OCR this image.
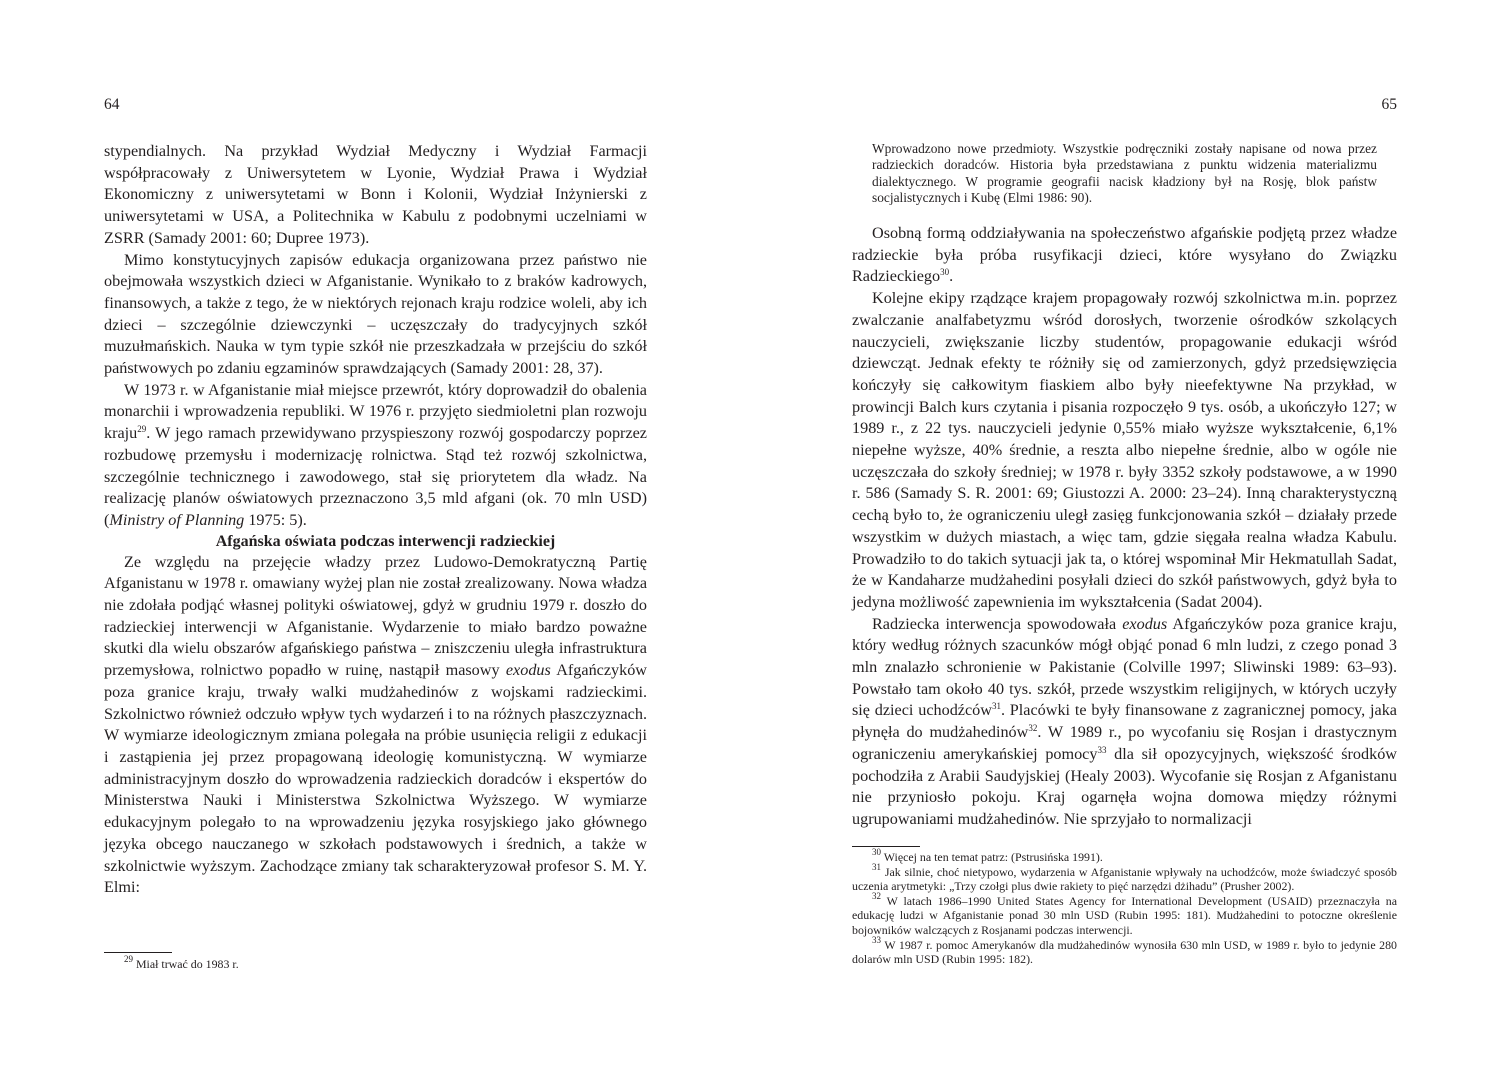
64

stypendialnych. Na przykład Wydział Medyczny i Wydział Farmacji współpracowały z Uniwersytetem w Lyonie, Wydział Prawa i Wydział Ekonomiczny z uniwersytetami w Bonn i Kolonii, Wydział Inżynierski z uniwersytetami w USA, a Politechnika w Kabulu z podobnymi uczelniami w ZSRR (Samady 2001: 60; Dupree 1973).

Mimo konstytucyjnych zapisów edukacja organizowana przez państwo nie obejmowała wszystkich dzieci w Afganistanie. Wynikało to z braków kadrowych, finansowych, a także z tego, że w niektórych rejonach kraju rodzice woleli, aby ich dzieci – szczególnie dziewczynki – uczęszczały do tradycyjnych szkół muzułmańskich. Nauka w tym typie szkół nie przeszkadzała w przejściu do szkół państwowych po zdaniu egzaminów sprawdzających (Samady 2001: 28, 37).

W 1973 r. w Afganistanie miał miejsce przewrót, który doprowadził do obalenia monarchii i wprowadzenia republiki. W 1976 r. przyjęto siedmioletni plan rozwoju kraju$^{29}$. W jego ramach przewidywano przyspieszony rozwój gospodarczy poprzez rozbudowę przemysłu i modernizację rolnictwa. Stąd też rozwój szkolnictwa, szczególnie technicznego i zawodowego, stał się priorytetem dla władz. Na realizację planów oświatowych przeznaczono 3,5 mld afgani (ok. 70 mln USD) (Ministry of Planning 1975: 5).

Afgańska oświata podczas interwencji radzieckiej

Ze względu na przejęcie władzy przez Ludowo-Demokratyczną Partię Afganistanu w 1978 r. omawiany wyżej plan nie został zrealizowany. Nowa władza nie zdołała podjąć własnej polityki oświatowej, gdyż w grudniu 1979 r. doszło do radzieckiej interwencji w Afganistanie. Wydarzenie to miało bardzo poważne skutki dla wielu obszarów afgańskiego państwa – zniszczeniu uległa infrastruktura przemysłowa, rolnictwo popadło w ruinę, nastąpił masowy exodus Afgańczyków poza granice kraju, trwały walki mudżahedinów z wojskami radzieckimi. Szkolnictwo również odczuło wpływ tych wydarzeń i to na różnych płaszczyznach. W wymiarze ideologicznym zmiana polegała na próbie usunięcia religii z edukacji i zastąpienia jej przez propagowaną ideologię komunistyczną. W wymiarze administracyjnym doszło do wprowadzenia radzieckich doradców i ekspertów do Ministerstwa Nauki i Ministerstwa Szkolnictwa Wyższego. W wymiarze edukacyjnym polegało to na wprowadzeniu języka rosyjskiego jako głównego języka obcego nauczanego w szkołach podstawowych i średnich, a także w szkolnictwie wyższym. Zachodzące zmiany tak scharakteryzował profesor S. M. Y. Elmi:

$^{29}$ Miał trwać do 1983 r.

65

Wprowadzono nowe przedmioty. Wszystkie podręczniki zostały napisane od nowa przez radzieckich doradców. Historia była przedstawiana z punktu widzenia materializmu dialektycznego. W programie geografii nacisk kładziony był na Rosję, blok państw socjalistycznych i Kubę (Elmi 1986: 90).

Osobną formą oddziaływania na społeczeństwo afgańskie podjętą przez władze radzieckie była próba rusyfikacji dzieci, które wysyłano do Związku Radzieckiego$^{30}$.

Kolejne ekipy rządzące krajem propagowały rozwój szkolnictwa m.in. poprzez zwalczanie analfabetyzmu wśród dorosłych, tworzenie ośrodków szkolących nauczycieli, zwiększanie liczby studentów, propagowanie edukacji wśród dziewcząt. Jednak efekty te różniły się od zamierzonych, gdyż przedsięwzięcia kończyły się całkowitym fiaskiem albo były nieefektywne Na przykład, w prowincji Balch kurs czytania i pisania rozpoczęło 9 tys. osób, a ukończyło 127; w 1989 r., z 22 tys. nauczycieli jedynie 0,55% miało wyższe wykształcenie, 6,1% niepełne wyższe, 40% średnie, a reszta albo niepełne średnie, albo w ogóle nie uczęszczała do szkoły średniej; w 1978 r. były 3352 szkoły podstawowe, a w 1990 r. 586 (Samady S. R. 2001: 69; Giustozzi A. 2000: 23–24). Inną charakterystyczną cechą było to, że ograniczeniu uległ zasięg funkcjonowania szkół – działały przede wszystkim w dużych miastach, a więc tam, gdzie sięgała realna władza Kabulu. Prowadziło to do takich sytuacji jak ta, o której wspominał Mir Hekmatullah Sadat, że w Kandaharze mudżahedini posyłali dzieci do szkół państwowych, gdyż była to jedyna możliwość zapewnienia im wykształcenia (Sadat 2004).

Radziecka interwencja spowodowała exodus Afgańczyków poza granice kraju, który według różnych szacunków mógł objąć ponad 6 mln ludzi, z czego ponad 3 mln znalazło schronienie w Pakistanie (Colville 1997; Sliwinski 1989: 63–93). Powstało tam około 40 tys. szkół, przede wszystkim religijnych, w których uczyły się dzieci uchodźców$^{31}$. Placówki te były finansowane z zagranicznej pomocy, jaka płynęła do mudżahedinów$^{32}$. W 1989 r., po wycofaniu się Rosjan i drastycznym ograniczeniu amerykańskiej pomocy$^{33}$ dla sił opozycyjnych, większość środków pochodziła z Arabii Saudyjskiej (Healy 2003). Wycofanie się Rosjan z Afganistanu nie przyniosło pokoju. Kraj ogarnęła wojna domowa między różnymi ugrupowaniami mudżahedinów. Nie sprzyjało to normalizacji

$^{30}$ Więcej na ten temat patrz: (Pstrusińska 1991).

$^{31}$ Jak silnie, choć nietypowo, wydarzenia w Afganistanie wpływały na uchodźców, może świadczyć sposób uczenia arytmetyki: „Trzy czołgi plus dwie rakiety to pięć narzędzi dżihadu” (Prusher 2002).

$^{32}$ W latach 1986–1990 United States Agency for International Development (USAID) przeznaczyła na edukację ludzi w Afganistanie ponad 30 mln USD (Rubin 1995: 181). Mudżahedini to potoczne określenie bojowników walczących z Rosjanami podczas interwencji.

$^{33}$ W 1987 r. pomoc Amerykanów dla mudżahedinów wynosiła 630 mln USD, w 1989 r. było to jedynie 280 dolarów mln USD (Rubin 1995: 182).
